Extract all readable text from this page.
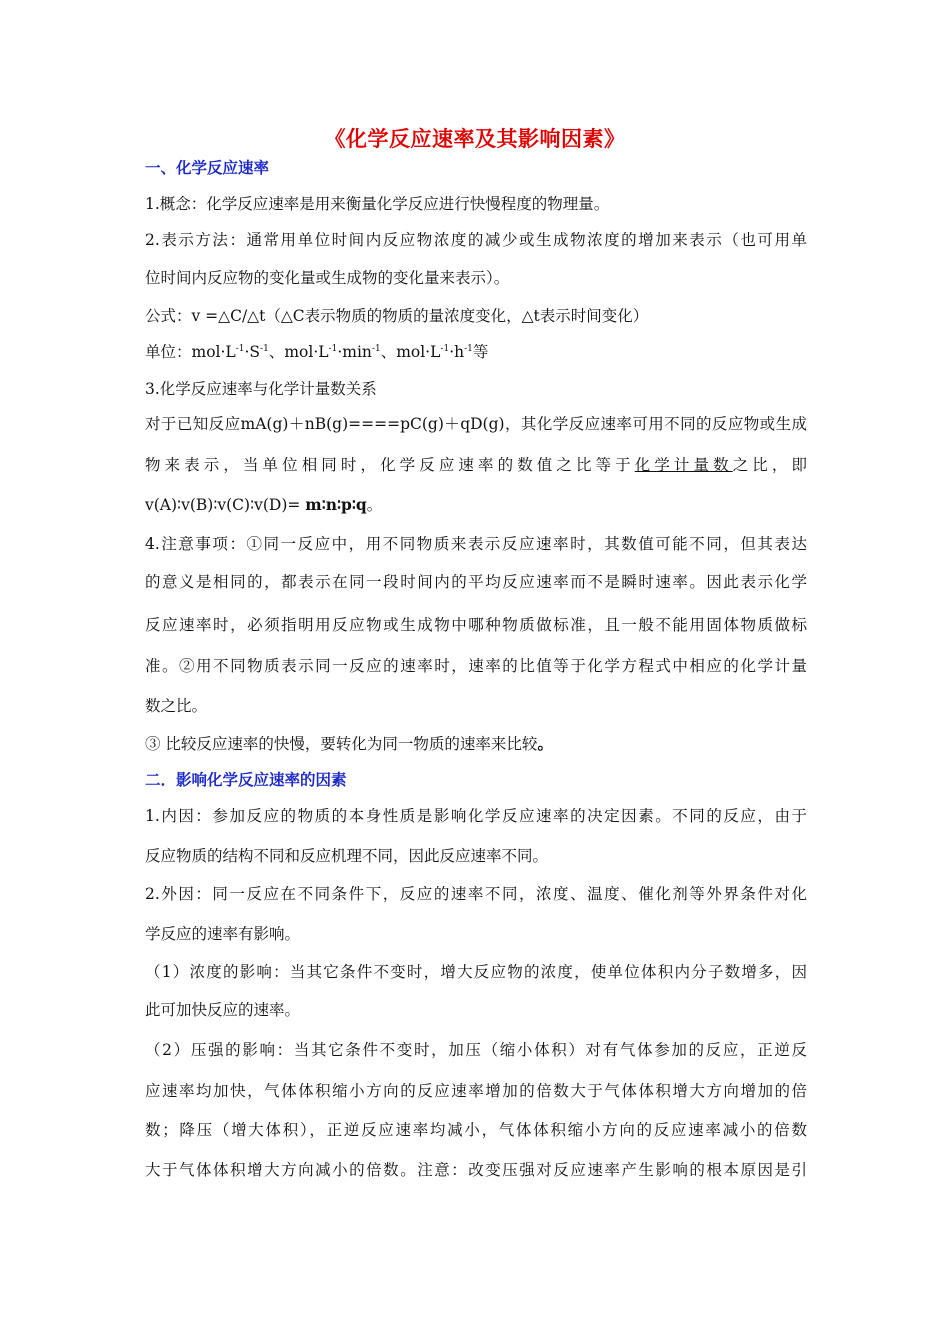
《化学反应速率及其影响因素》
一、化学反应速率
1.概念：化学反应速率是用来衡量化学反应进行快慢程度的物理量。
2.表示方法：通常用单位时间内反应物浓度的减少或生成物浓度的增加来表示（也可用单
位时间内反应物的变化量或生成物的变化量来表示）。
公式：v =△C/△t（△C表示物质的物质的量浓度变化，△t表示时间变化）
单位：$mol\cdot L^{-1}\cdot S^{-1}$、$mol\cdot L^{-1}\cdot\min^{-1}$、$mol\cdot L^{-1}\cdot h^{-1}$等
3.化学反应速率与化学计量数关系
对于已知反应mA(g)＋nB(g)====pC(g)＋qD(g)，其化学反应速率可用不同的反应物或生成
物来表示，当单位相同时，化学反应速率的数值之比等于化学计量数之比，即
v(A)∶v(B)∶v(C)∶v(D)= m∶n∶p∶q。
4.注意事项：①同一反应中，用不同物质来表示反应速率时，其数值可能不同，但其表达
的意义是相同的，都表示在同一段时间内的平均反应速率而不是瞬时速率。因此表示化学
反应速率时，必须指明用反应物或生成物中哪种物质做标准，且一般不能用固体物质做标
准。②用不同物质表示同一反应的速率时，速率的比值等于化学方程式中相应的化学计量
数之比。
③ 比较反应速率的快慢，要转化为同一物质的速率来比较。
二．影响化学反应速率的因素
1.内因：参加反应的物质的本身性质是影响化学反应速率的决定因素。不同的反应，由于
反应物质的结构不同和反应机理不同，因此反应速率不同。
2.外因：同一反应在不同条件下，反应的速率不同，浓度、温度、催化剂等外界条件对化
学反应的速率有影响。
（1）浓度的影响：当其它条件不变时，增大反应物的浓度，使单位体积内分子数增多，因
此可加快反应的速率。
（2）压强的影响：当其它条件不变时，加压（缩小体积）对有气体参加的反应，正逆反
应速率均加快，气体体积缩小方向的反应速率增加的倍数大于气体体积增大方向增加的倍
数；降压（增大体积），正逆反应速率均减小，气体体积缩小方向的反应速率减小的倍数
大于气体体积增大方向减小的倍数。注意：改变压强对反应速率产生影响的根本原因是引
